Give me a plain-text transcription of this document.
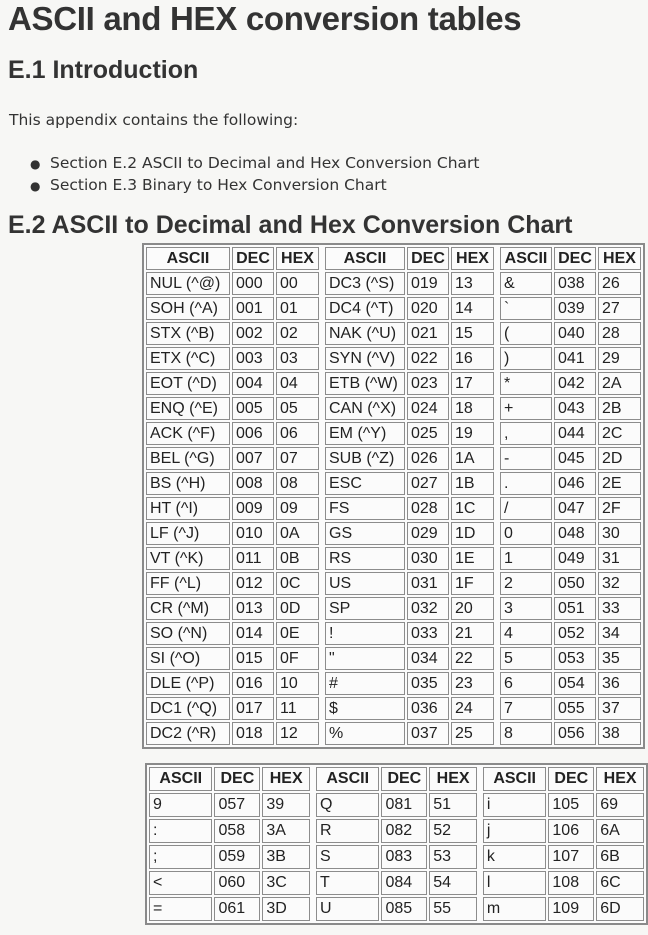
ASCII and HEX conversion tables
E.1 Introduction
This appendix contains the following:
● Section E.2 ASCII to Decimal and Hex Conversion Chart
● Section E.3 Binary to Hex Conversion Chart
E.2 ASCII to Decimal and Hex Conversion Chart
ASCII	DEC	HEX		ASCII	DEC	HEX		ASCII	DEC	HEX
NUL (^@)	000	00		DC3 (^S)	019	13		&	038	26
SOH (^A)	001	01		DC4 (^T)	020	14		`	039	27
STX (^B)	002	02		NAK (^U)	021	15		(	040	28
ETX (^C)	003	03		SYN (^V)	022	16		)	041	29
EOT (^D)	004	04		ETB (^W)	023	17		*	042	2A
ENQ (^E)	005	05		CAN (^X)	024	18		+	043	2B
ACK (^F)	006	06		EM (^Y)	025	19		,	044	2C
BEL (^G)	007	07		SUB (^Z)	026	1A		-	045	2D
BS (^H)	008	08		ESC	027	1B		.	046	2E
HT (^I)	009	09		FS	028	1C		/	047	2F
LF (^J)	010	0A		GS	029	1D		0	048	30
VT (^K)	011	0B		RS	030	1E		1	049	31
FF (^L)	012	0C		US	031	1F		2	050	32
CR (^M)	013	0D		SP	032	20		3	051	33
SO (^N)	014	0E		!	033	21		4	052	34
SI (^O)	015	0F		"	034	22		5	053	35
DLE (^P)	016	10		#	035	23		6	054	36
DC1 (^Q)	017	11		$	036	24		7	055	37
DC2 (^R)	018	12		%	037	25		8	056	38
ASCII	DEC	HEX		ASCII	DEC	HEX		ASCII	DEC	HEX
9	057	39		Q	081	51		i	105	69
:	058	3A		R	082	52		j	106	6A
;	059	3B		S	083	53		k	107	6B
<	060	3C		T	084	54		l	108	6C
=	061	3D		U	085	55		m	109	6D
